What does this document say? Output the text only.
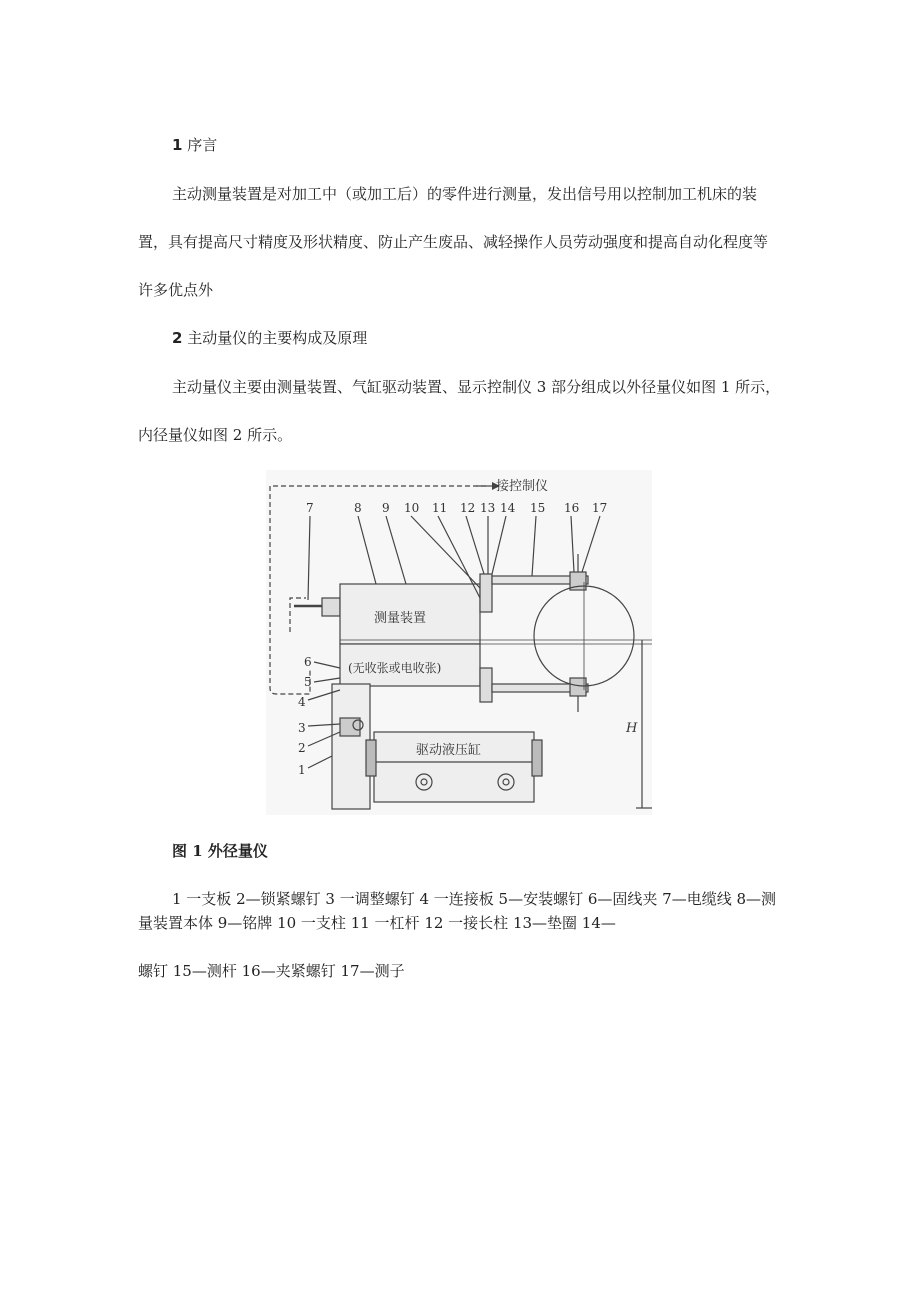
1 序言
主动测量装置是对加工中（或加工后）的零件进行测量，发出信号用以控制加工机床的装
置，具有提高尺寸精度及形状精度、防止产生废品、减轻操作人员劳动强度和提高自动化程度等
许多优点外
2 主动量仪的主要构成及原理
主动量仪主要由测量装置、气缸驱动装置、显示控制仪 3 部分组成以外径量仪如图 1 所示，
内径量仪如图 2 所示。
接控制仪
7	8 9 10 11 12 13 14 15 16 17
6
5
4
3
2
1
测量装置
(无收张或电收张)
驱动液压缸
H
图 1 外径量仪
1 一支板 2—锁紧螺钉 3 一调整螺钉 4 一连接板 5—安装螺钉 6—固线夹 7—电缆线 8—测
量装置本体 9—铭牌 10 一支柱 11 一杠杆 12 一接长柱 13—垫圈 14—
螺钉 15—测杆 16—夹紧螺钉 17—测子
